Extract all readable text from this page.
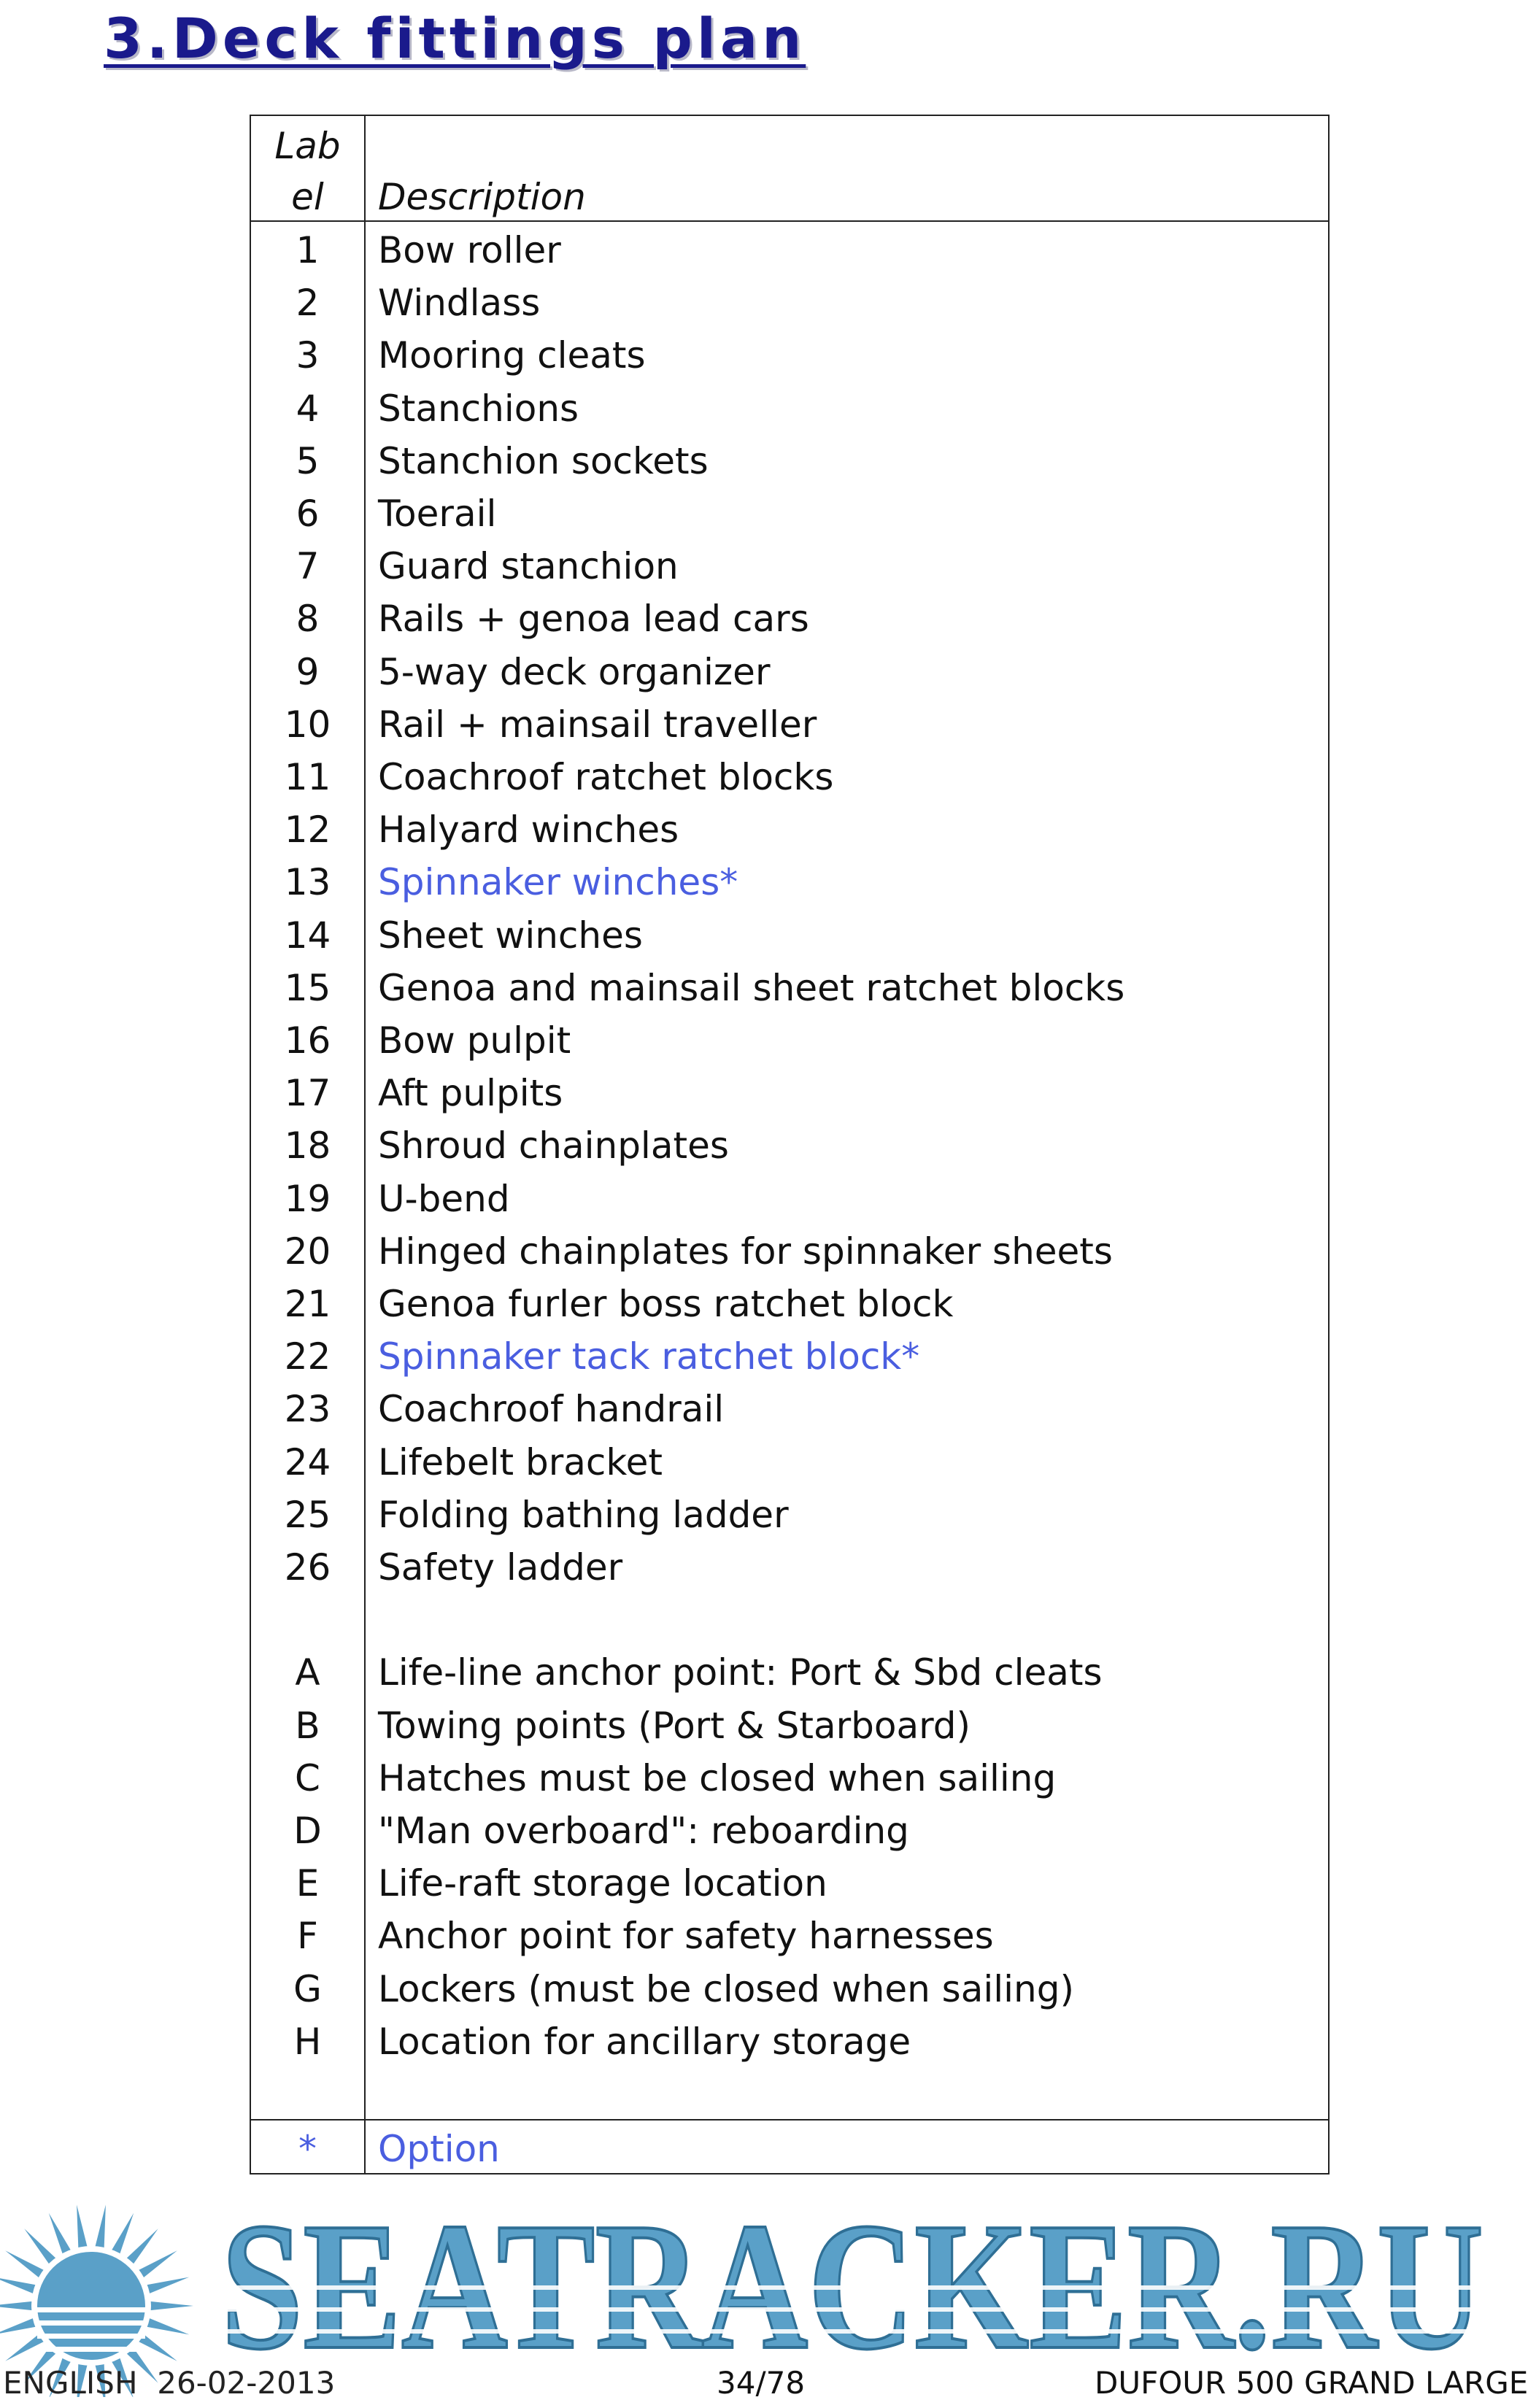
3.Deck fittings plan
Lab
el	Description
1	Bow roller
2	Windlass
3	Mooring cleats
4	Stanchions
5	Stanchion sockets
6	Toerail
7	Guard stanchion
8	Rails + genoa lead cars
9	5-way deck organizer
10	Rail + mainsail traveller
11	Coachroof ratchet blocks
12	Halyard winches
13	Spinnaker winches*
14	Sheet winches
15	Genoa and mainsail sheet ratchet blocks
16	Bow pulpit
17	Aft pulpits
18	Shroud chainplates
19	U-bend
20	Hinged chainplates for spinnaker sheets
21	Genoa furler boss ratchet block
22	Spinnaker tack ratchet block*
23	Coachroof handrail
24	Lifebelt bracket
25	Folding bathing ladder
26	Safety ladder
A	Life-line anchor point: Port & Sbd cleats
B	Towing points (Port & Starboard)
C	Hatches must be closed when sailing
D	"Man overboard": reboarding
E	Life-raft storage location
F	Anchor point for safety harnesses
G	Lockers (must be closed when sailing)
H	Location for ancillary storage
*	Option
SEATRACKER.RU
ENGLISH  26-02-2013	34/78	DUFOUR 500 GRAND LARGE
